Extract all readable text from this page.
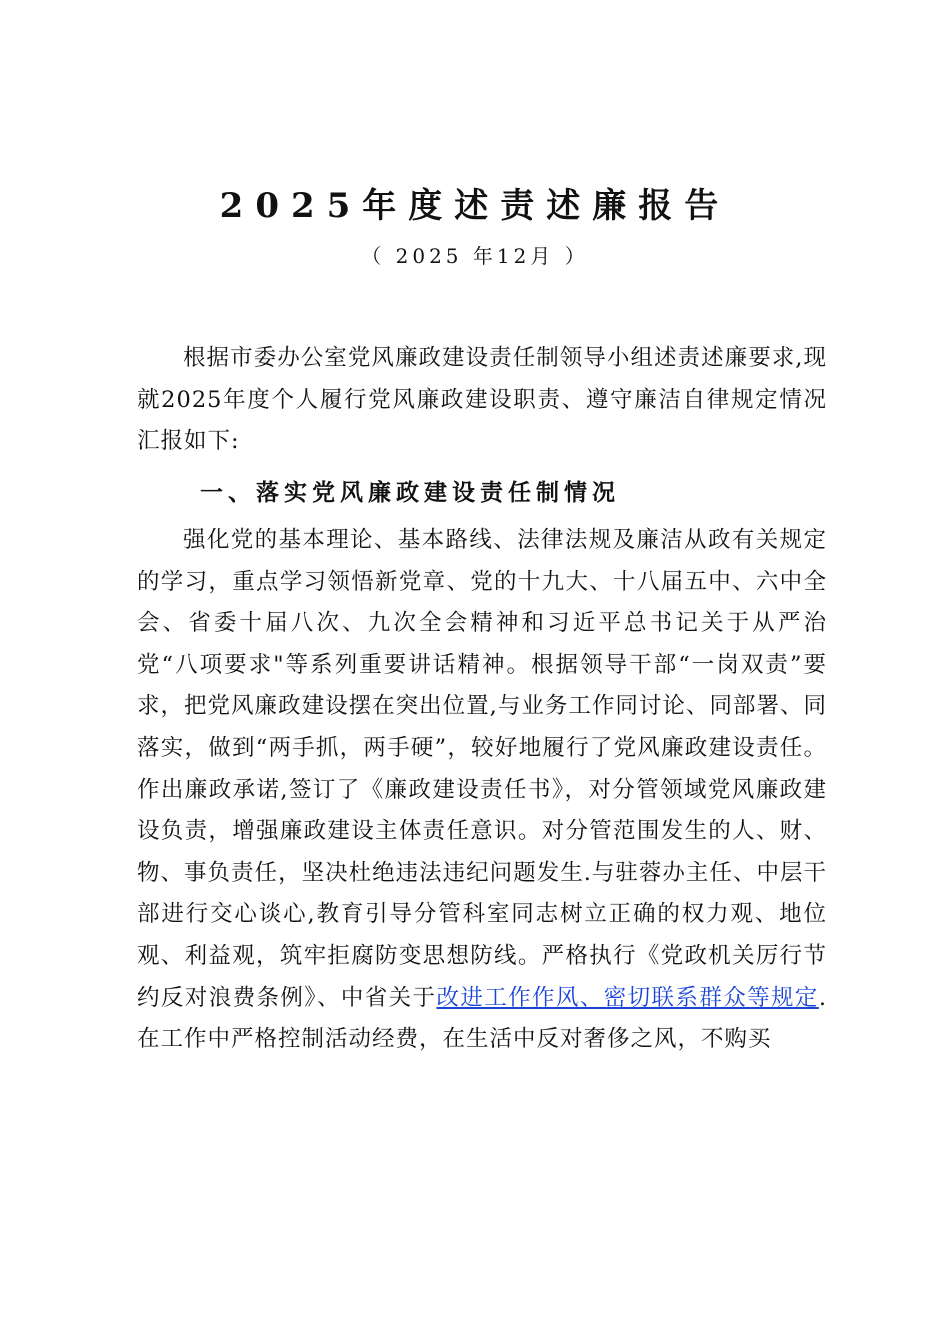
2025年度述责述廉报告
（ 2025 年12月 ）
根据市委办公室党风廉政建设责任制领导小组述责述廉要求,现就2025年度个人履行党风廉政建设职责、遵守廉洁自律规定情况汇报如下:
一、落实党风廉政建设责任制情况
强化党的基本理论、基本路线、法律法规及廉洁从政有关规定的学习，重点学习领悟新党章、党的十九大、十八届五中、六中全会、省委十届八次、九次全会精神和习近平总书记关于从严治党“八项要求"等系列重要讲话精神。根据领导干部“一岗双责”要求，把党风廉政建设摆在突出位置,与业务工作同讨论、同部署、同落实，做到“两手抓，两手硬”，较好地履行了党风廉政建设责任。作出廉政承诺,签订了《廉政建设责任书》，对分管领域党风廉政建设负责，增强廉政建设主体责任意识。对分管范围发生的人、财、物、事负责任，坚决杜绝违法违纪问题发生.与驻蓉办主任、中层干部进行交心谈心,教育引导分管科室同志树立正确的权力观、地位观、利益观，筑牢拒腐防变思想防线。严格执行《党政机关厉行节约反对浪费条例》、中省关于改进工作作风、密切联系群众等规定.在工作中严格控制活动经费，在生活中反对奢侈之风，不购买
